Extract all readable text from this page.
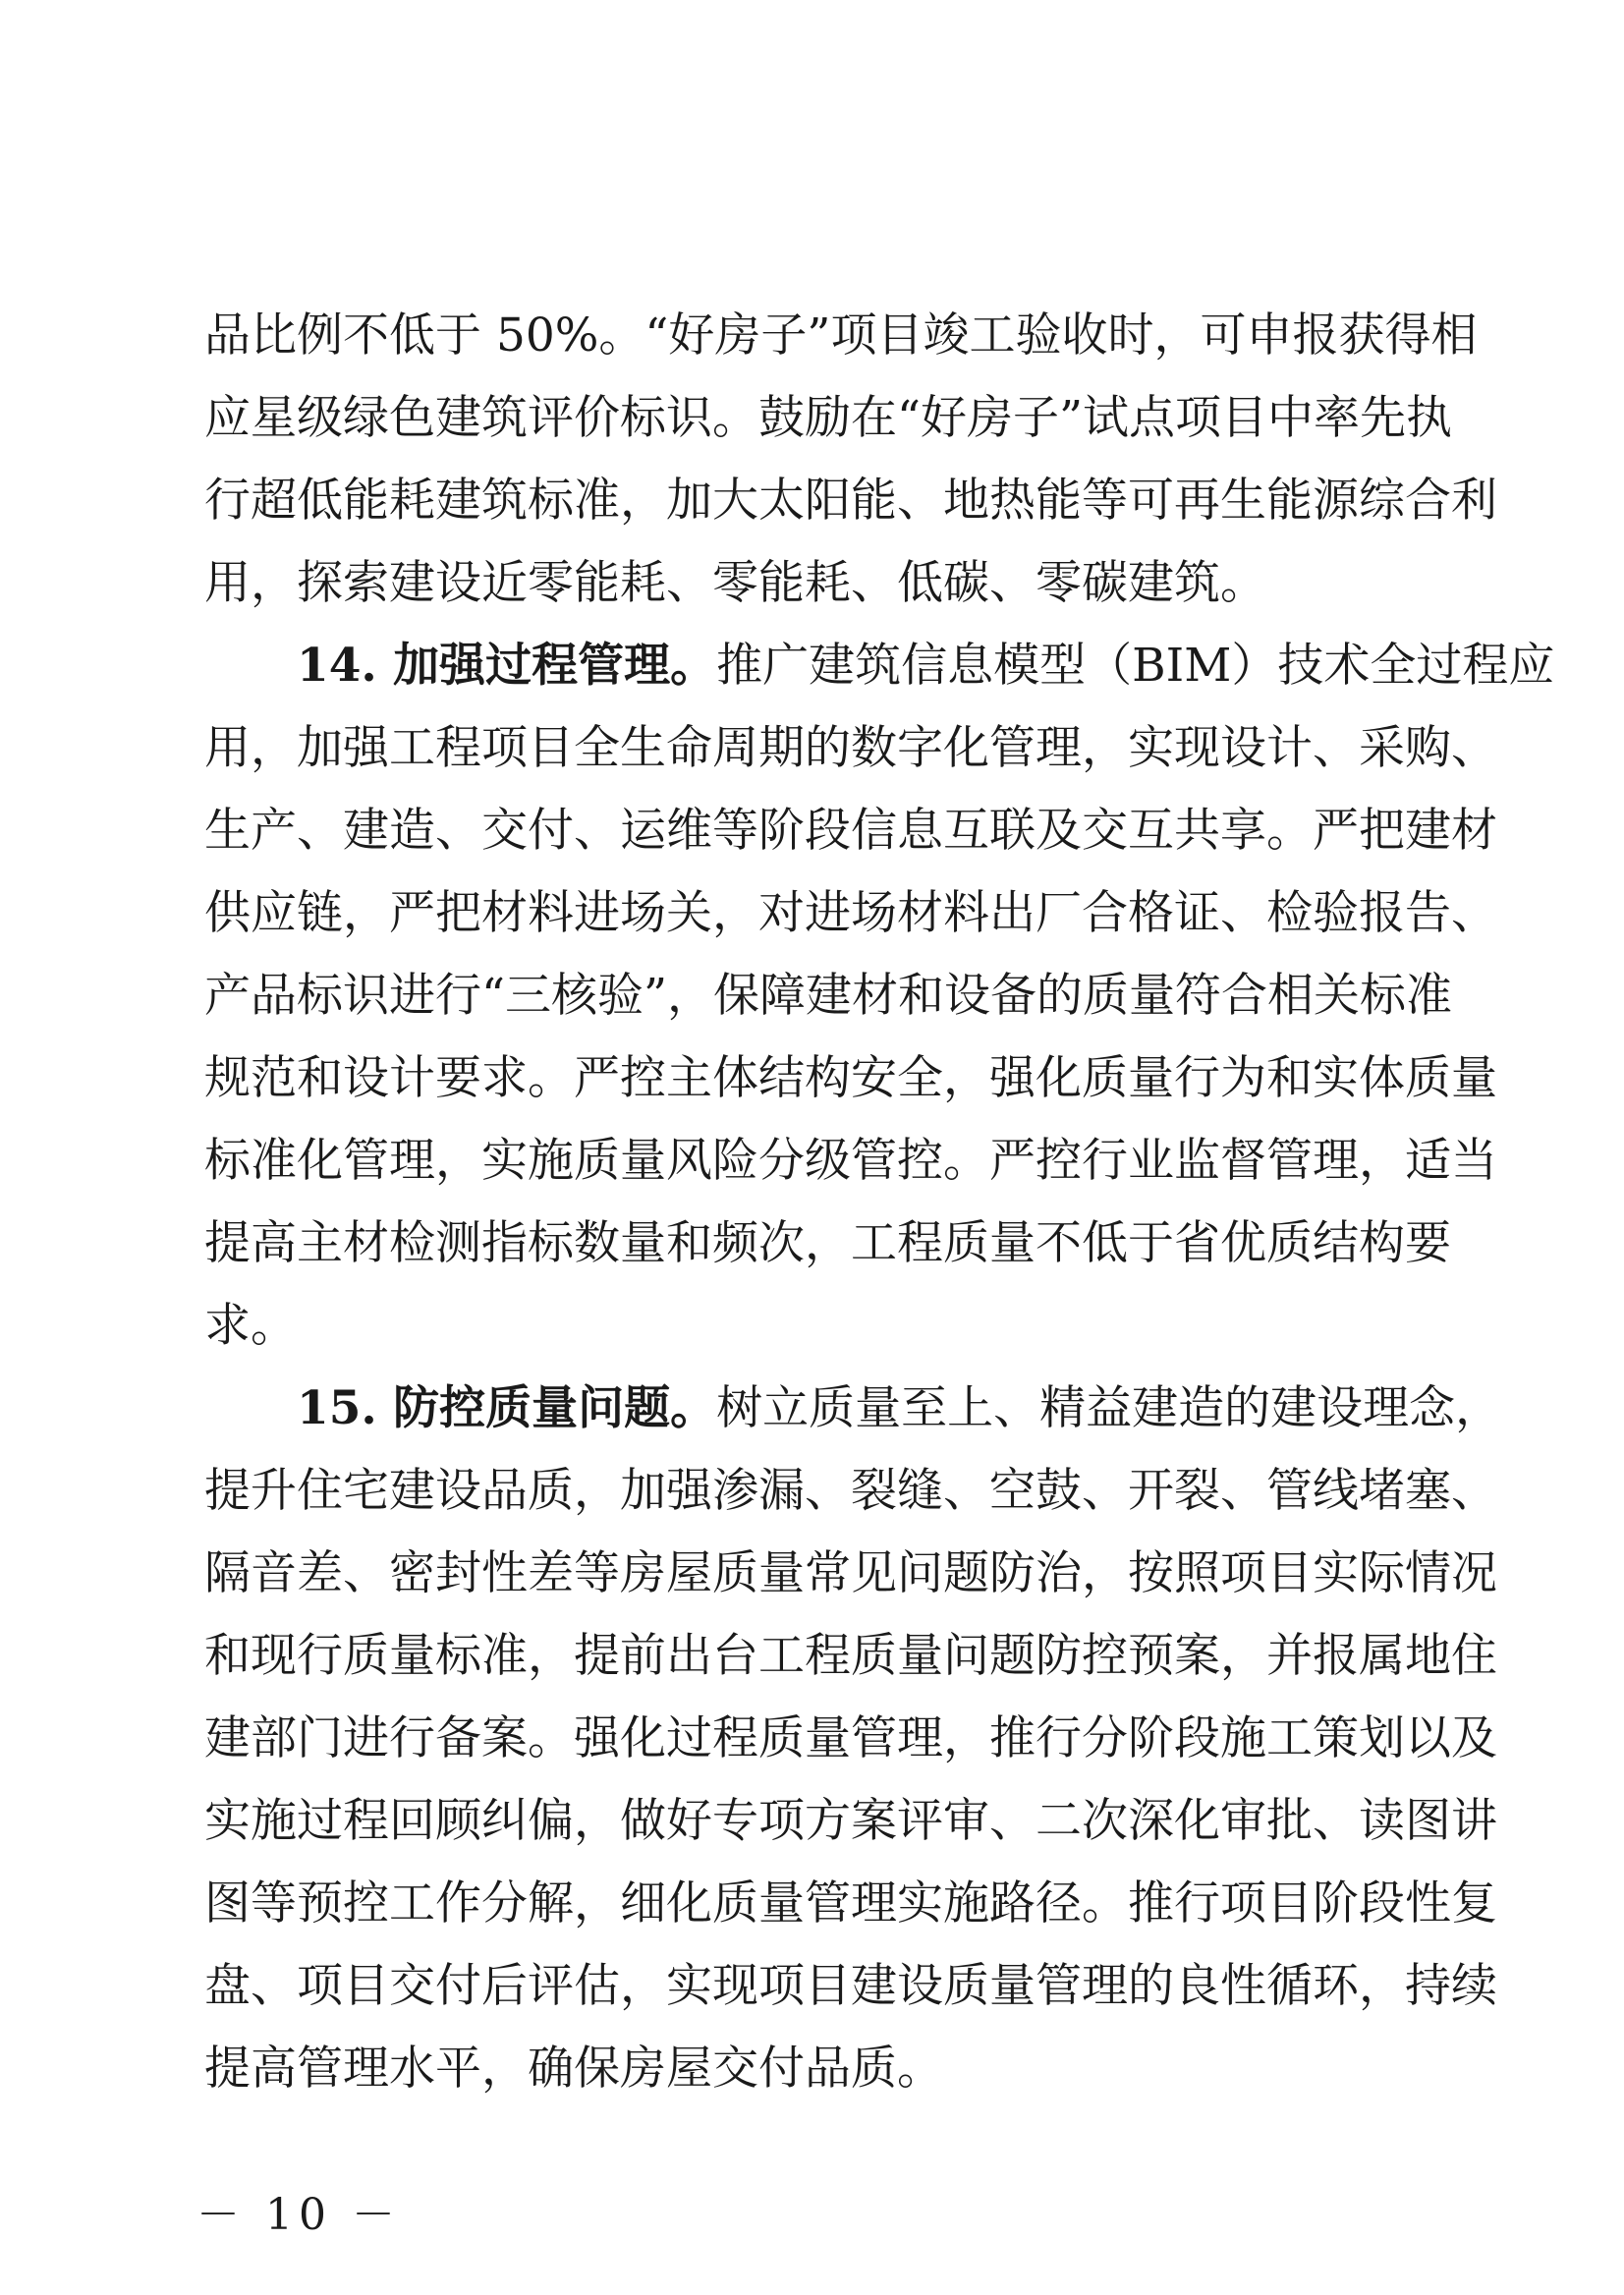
品比例不低于 50%。“好房子”项目竣工验收时，可申报获得相
应星级绿色建筑评价标识。鼓励在“好房子”试点项目中率先执
行超低能耗建筑标准，加大太阳能、地热能等可再生能源综合利
用，探索建设近零能耗、零能耗、低碳、零碳建筑。
14. 加强过程管理。推广建筑信息模型（BIM）技术全过程应
用，加强工程项目全生命周期的数字化管理，实现设计、采购、
生产、建造、交付、运维等阶段信息互联及交互共享。严把建材
供应链，严把材料进场关，对进场材料出厂合格证、检验报告、
产品标识进行“三核验”，保障建材和设备的质量符合相关标准
规范和设计要求。严控主体结构安全，强化质量行为和实体质量
标准化管理，实施质量风险分级管控。严控行业监督管理，适当
提高主材检测指标数量和频次，工程质量不低于省优质结构要
求。
15. 防控质量问题。树立质量至上、精益建造的建设理念，
提升住宅建设品质，加强渗漏、裂缝、空鼓、开裂、管线堵塞、
隔音差、密封性差等房屋质量常见问题防治，按照项目实际情况
和现行质量标准，提前出台工程质量问题防控预案，并报属地住
建部门进行备案。强化过程质量管理，推行分阶段施工策划以及
实施过程回顾纠偏，做好专项方案评审、二次深化审批、读图讲
图等预控工作分解，细化质量管理实施路径。推行项目阶段性复
盘、项目交付后评估，实现项目建设质量管理的良性循环，持续
提高管理水平，确保房屋交付品质。
－ 10 －
